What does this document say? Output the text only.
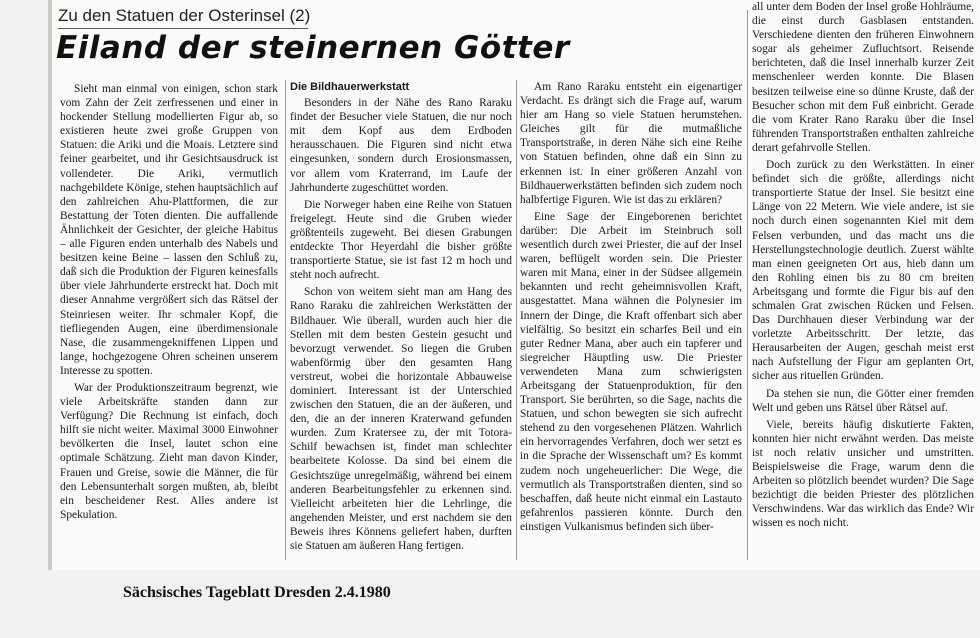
Zu den Statuen der Osterinsel (2)

Eiland der steinernen Götter

Sieht man einmal von einigen, schon stark vom Zahn der Zeit zerfressenen und einer in hockender Stellung modellierten Figur ab, so existieren heute zwei große Gruppen von Statuen: die Ariki und die Moais. Letztere sind feiner gearbeitet, und ihr Gesichtsausdruck ist vollendeter. Die Ariki, vermutlich nachgebildete Könige, stehen hauptsächlich auf den zahlreichen Ahu-Plattformen, die zur Bestattung der Toten dienten. Die auffallende Ähnlichkeit der Gesichter, der gleiche Habitus – alle Figuren enden unterhalb des Nabels und besitzen keine Beine – lassen den Schluß zu, daß sich die Produktion der Figuren keinesfalls über viele Jahrhunderte erstreckt hat. Doch mit dieser Annahme vergrößert sich das Rätsel der Steinriesen weiter. Ihr schmaler Kopf, die tiefliegenden Augen, eine überdimensionale Nase, die zusammengekniffenen Lippen und lange, hochgezogene Ohren scheinen unserem Interesse zu spotten.

War der Produktionszeitraum begrenzt, wie viele Arbeitskräfte standen dann zur Verfügung? Die Rechnung ist einfach, doch hilft sie nicht weiter. Maximal 3000 Einwohner bevölkerten die Insel, lautet schon eine optimale Schätzung. Zieht man davon Kinder, Frauen und Greise, sowie die Männer, die für den Lebensunterhalt sorgen mußten, ab, bleibt ein bescheidener Rest. Alles andere ist Spekulation.

Die Bildhauerwerkstatt

Besonders in der Nähe des Rano Raraku findet der Besucher viele Statuen, die nur noch mit dem Kopf aus dem Erdboden herausschauen. Die Figuren sind nicht etwa eingesunken, sondern durch Erosionsmassen, vor allem vom Kraterrand, im Laufe der Jahrhunderte zugeschüttet worden.

Die Norweger haben eine Reihe von Statuen freigelegt. Heute sind die Gruben wieder größtenteils zugeweht. Bei diesen Grabungen entdeckte Thor Heyerdahl die bisher größte transportierte Statue, sie ist fast 12 m hoch und steht noch aufrecht.

Schon von weitem sieht man am Hang des Rano Raraku die zahlreichen Werkstätten der Bildhauer. Wie überall, wurden auch hier die Stellen mit dem besten Gestein gesucht und bevorzugt verwendet. So liegen die Gruben wabenförmig über den gesamten Hang verstreut, wobei die horizontale Abbauweise dominiert. Interessant ist der Unterschied zwischen den Statuen, die an der äußeren, und den, die an der inneren Kraterwand gefunden wurden. Zum Kratersee zu, der mit Totora-Schilf bewachsen ist, findet man schlechter bearbeitete Kolosse. Da sind bei einem die Gesichtszüge unregelmäßig, während bei einem anderen Bearbeitungsfehler zu erkennen sind. Vielleicht arbeiteten hier die Lehrlinge, die angehenden Meister, und erst nachdem sie den Beweis ihres Könnens geliefert haben, durften sie Statuen am äußeren Hang fertigen.

Am Rano Raraku entsteht ein eigenartiger Verdacht. Es drängt sich die Frage auf, warum hier am Hang so viele Statuen herumstehen. Gleiches gilt für die mutmaßliche Transportstraße, in deren Nähe sich eine Reihe von Statuen befinden, ohne daß ein Sinn zu erkennen ist. In einer größeren Anzahl von Bildhauerwerkstätten befinden sich zudem noch halbfertige Figuren. Wie ist das zu erklären?

Eine Sage der Eingeborenen berichtet darüber: Die Arbeit im Steinbruch soll wesentlich durch zwei Priester, die auf der Insel waren, beflügelt worden sein. Die Priester waren mit Mana, einer in der Südsee allgemein bekannten und recht geheimnisvollen Kraft, ausgestattet. Mana wähnen die Polynesier im Innern der Dinge, die Kraft offenbart sich aber vielfältig. So besitzt ein scharfes Beil und ein guter Redner Mana, aber auch ein tapferer und siegreicher Häuptling usw. Die Priester verwendeten Mana zum schwierigsten Arbeitsgang der Statuenproduktion, für den Transport. Sie berührten, so die Sage, nachts die Statuen, und schon bewegten sie sich aufrecht stehend zu den vorgesehenen Plätzen. Wahrlich ein hervorragendes Verfahren, doch wer setzt es in die Sprache der Wissenschaft um? Es kommt zudem noch ungeheuerlicher: Die Wege, die vermutlich als Transportstraßen dienten, sind so beschaffen, daß heute nicht einmal ein Lastauto gefahrenlos passieren könnte. Durch den einstigen Vulkanismus befinden sich über-

all unter dem Boden der Insel große Hohlräume, die einst durch Gasblasen entstanden. Verschiedene dienten den früheren Einwohnern sogar als geheimer Zufluchtsort. Reisende berichteten, daß die Insel innerhalb kurzer Zeit menschenleer werden konnte. Die Blasen besitzen teilweise eine so dünne Kruste, daß der Besucher schon mit dem Fuß einbricht. Gerade die vom Krater Rano Raraku über die Insel führenden Transportstraßen enthalten zahlreiche derart gefahrvolle Stellen.

Doch zurück zu den Werkstätten. In einer befindet sich die größte, allerdings nicht transportierte Statue der Insel. Sie besitzt eine Länge von 22 Metern. Wie viele andere, ist sie noch durch einen sogenannten Kiel mit dem Felsen verbunden, und das macht uns die Herstellungstechnologie deutlich. Zuerst wählte man einen geeigneten Ort aus, hieb dann um den Rohling einen bis zu 80 cm breiten Arbeitsgang und formte die Figur bis auf den schmalen Grat zwischen Rücken und Felsen. Das Durchhauen dieser Verbindung war der vorletzte Arbeitsschritt. Der letzte, das Herausarbeiten der Augen, geschah meist erst nach Aufstellung der Figur am geplanten Ort, sicher aus rituellen Gründen.

Da stehen sie nun, die Götter einer fremden Welt und geben uns Rätsel über Rätsel auf.

Viele, bereits häufig diskutierte Fakten, konnten hier nicht erwähnt werden. Das meiste ist noch relativ unsicher und umstritten. Beispielsweise die Frage, warum denn die Arbeiten so plötzlich beendet wurden? Die Sage bezichtigt die beiden Priester des plötzlichen Verschwindens. War das wirklich das Ende? Wir wissen es noch nicht.

Sächsisches Tageblatt Dresden 2.4.1980
